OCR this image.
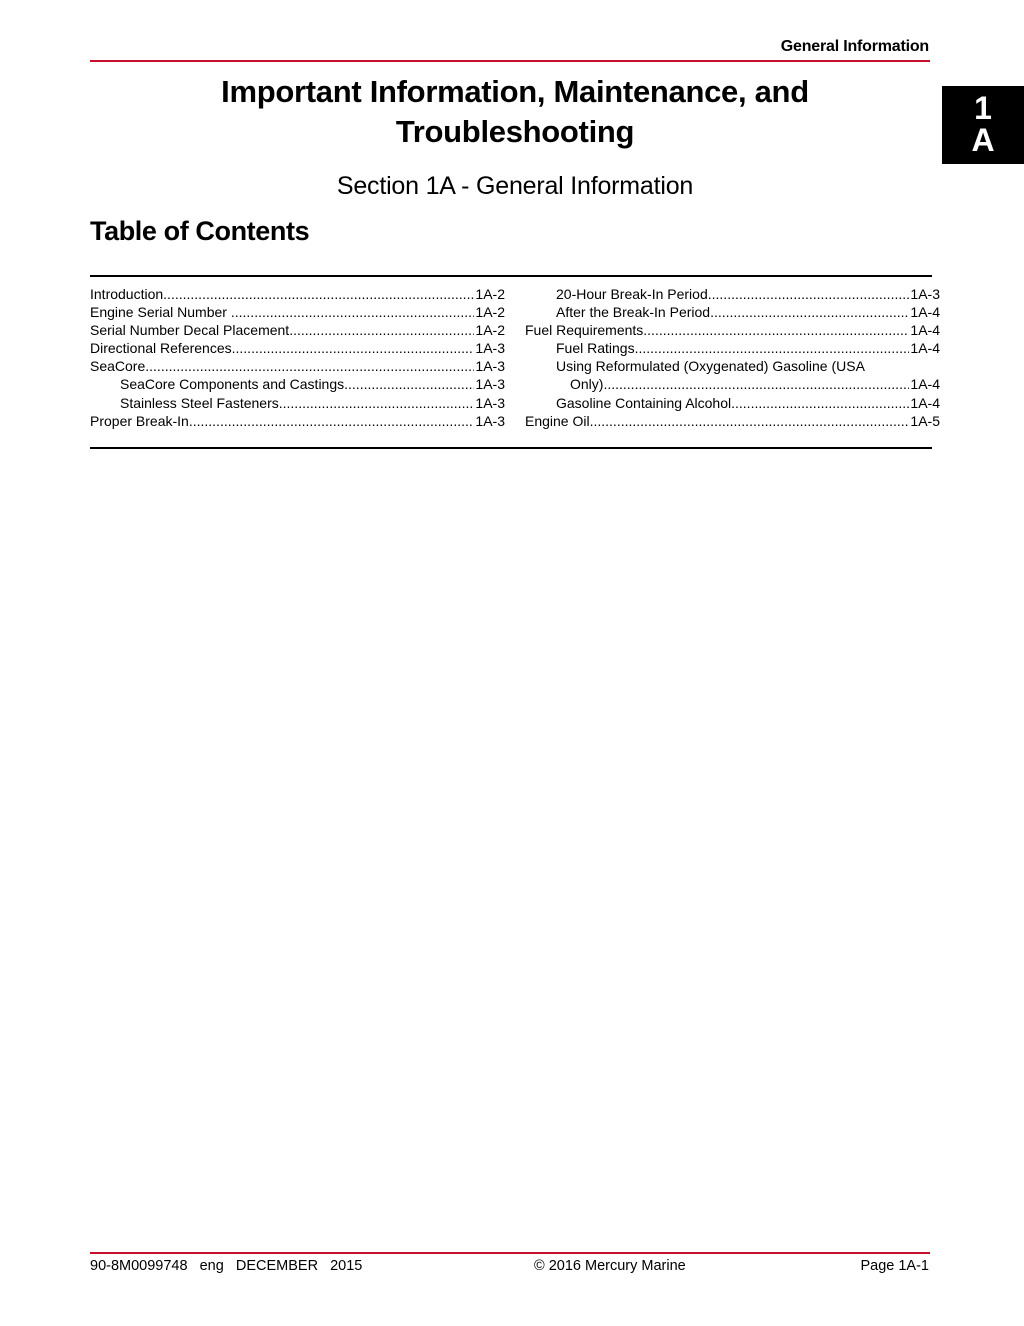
General Information
1
A
Important Information, Maintenance, and
Troubleshooting
Section 1A - General Information
Table of Contents
Introduction .....	1A-2
Engine Serial Number .....	1A-2
Serial Number Decal Placement .....	1A-2
Directional References .....	1A-3
SeaCore .....	1A-3
SeaCore Components and Castings .....	1A-3
Stainless Steel Fasteners .....	1A-3
Proper Break-In .....	1A-3
20-Hour Break-In Period .....	1A-3
After the Break-In Period .....	1A-4
Fuel Requirements .....	1A-4
Fuel Ratings .....	1A-4
Using Reformulated (Oxygenated) Gasoline (USA
Only) .....	1A-4
Gasoline Containing Alcohol .....	1A-4
Engine Oil .....	1A-5
90-8M0099748  eng  DECEMBER  2015	© 2016 Mercury Marine	Page 1A-1
